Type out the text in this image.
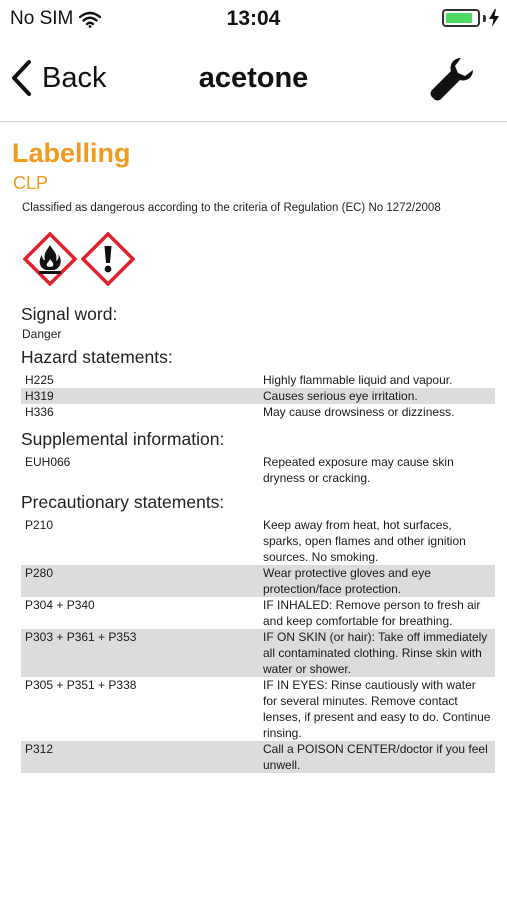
No SIM	13:04
Back	acetone
Labelling
CLP
Classified as dangerous according to the criteria of Regulation (EC) No 1272/2008
Signal word:
Danger
Hazard statements:
H225	Highly flammable liquid and vapour.
H319	Causes serious eye irritation.
H336	May cause drowsiness or dizziness.
Supplemental information:
EUH066	Repeated exposure may cause skin dryness or cracking.
Precautionary statements:
P210	Keep away from heat, hot surfaces, sparks, open flames and other ignition sources. No smoking.
P280	Wear protective gloves and eye protection/face protection.
P304 + P340	IF INHALED: Remove person to fresh air and keep comfortable for breathing.
P303 + P361 + P353	IF ON SKIN (or hair): Take off immediately all contaminated clothing. Rinse skin with water or shower.
P305 + P351 + P338	IF IN EYES: Rinse cautiously with water for several minutes. Remove contact lenses, if present and easy to do. Continue rinsing.
P312	Call a POISON CENTER/doctor if you feel unwell.
